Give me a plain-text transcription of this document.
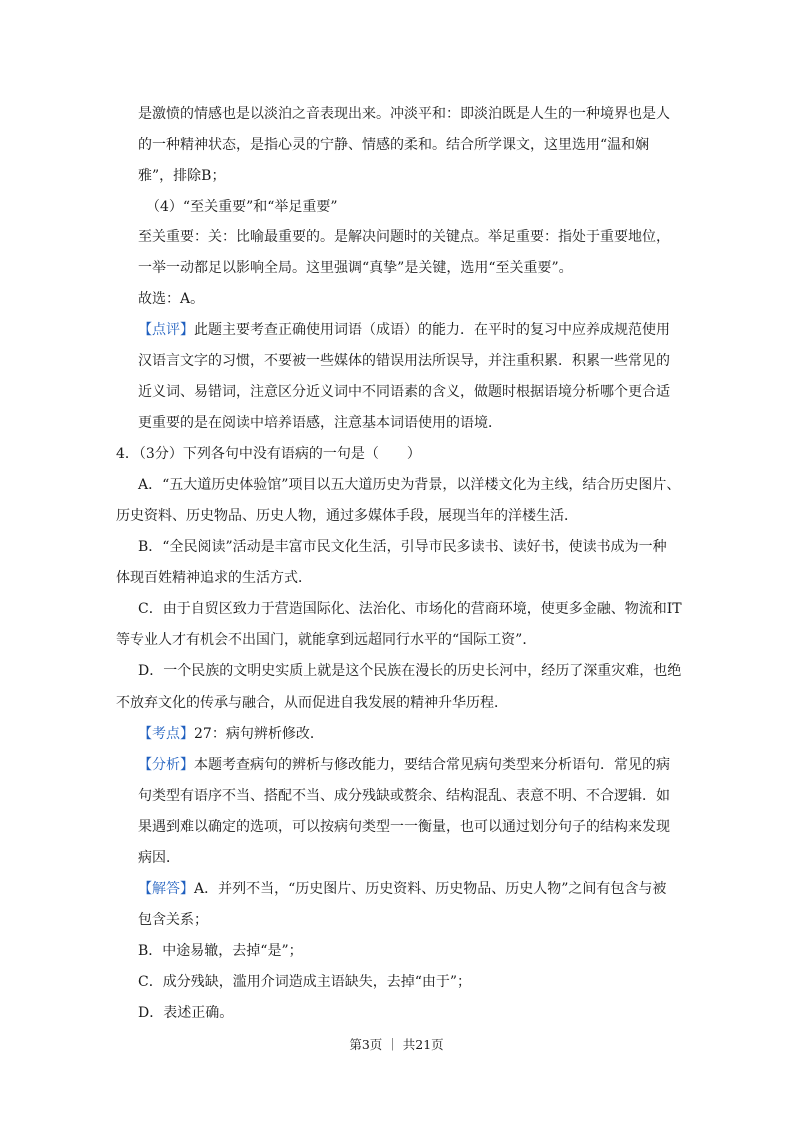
是激愤的情感也是以淡泊之音表现出来。冲淡平和：即淡泊既是人生的一种境界也是人
的一种精神状态，是指心灵的宁静、情感的柔和。结合所学课文，这里选用“温和娴
雅”，排除B；
（4）“至关重要”和“举足重要”
至关重要：关：比喻最重要的。是解决问题时的关键点。举足重要：指处于重要地位，
一举一动都足以影响全局。这里强调“真挚”是关键，选用“至关重要”。
故选：A。
【点评】此题主要考查正确使用词语（成语）的能力．在平时的复习中应养成规范使用
汉语言文字的习惯，不要被一些媒体的错误用法所误导，并注重积累．积累一些常见的
近义词、易错词，注意区分近义词中不同语素的含义，做题时根据语境分析哪个更合适
更重要的是在阅读中培养语感，注意基本词语使用的语境．
4．（3分）下列各句中没有语病的一句是（　　）
A．“五大道历史体验馆”项目以五大道历史为背景，以洋楼文化为主线，结合历史图片、
历史资料、历史物品、历史人物，通过多媒体手段，展现当年的洋楼生活．
B．“全民阅读”活动是丰富市民文化生活，引导市民多读书、读好书，使读书成为一种
体现百姓精神追求的生活方式．
C．由于自贸区致力于营造国际化、法治化、市场化的营商环境，使更多金融、物流和IT
等专业人才有机会不出国门，就能拿到远超同行水平的“国际工资”．
D．一个民族的文明史实质上就是这个民族在漫长的历史长河中，经历了深重灾难，也绝
不放弃文化的传承与融合，从而促进自我发展的精神升华历程．
【考点】27：病句辨析修改．
【分析】本题考查病句的辨析与修改能力，要结合常见病句类型来分析语句．常见的病
句类型有语序不当、搭配不当、成分残缺或赘余、结构混乱、表意不明、不合逻辑．如
果遇到难以确定的选项，可以按病句类型一一衡量，也可以通过划分句子的结构来发现
病因．
【解答】A．并列不当，“历史图片、历史资料、历史物品、历史人物”之间有包含与被
包含关系；
B．中途易辙，去掉“是”；
C．成分残缺，滥用介词造成主语缺失，去掉“由于”；
D．表述正确。
第3页 ｜ 共21页
